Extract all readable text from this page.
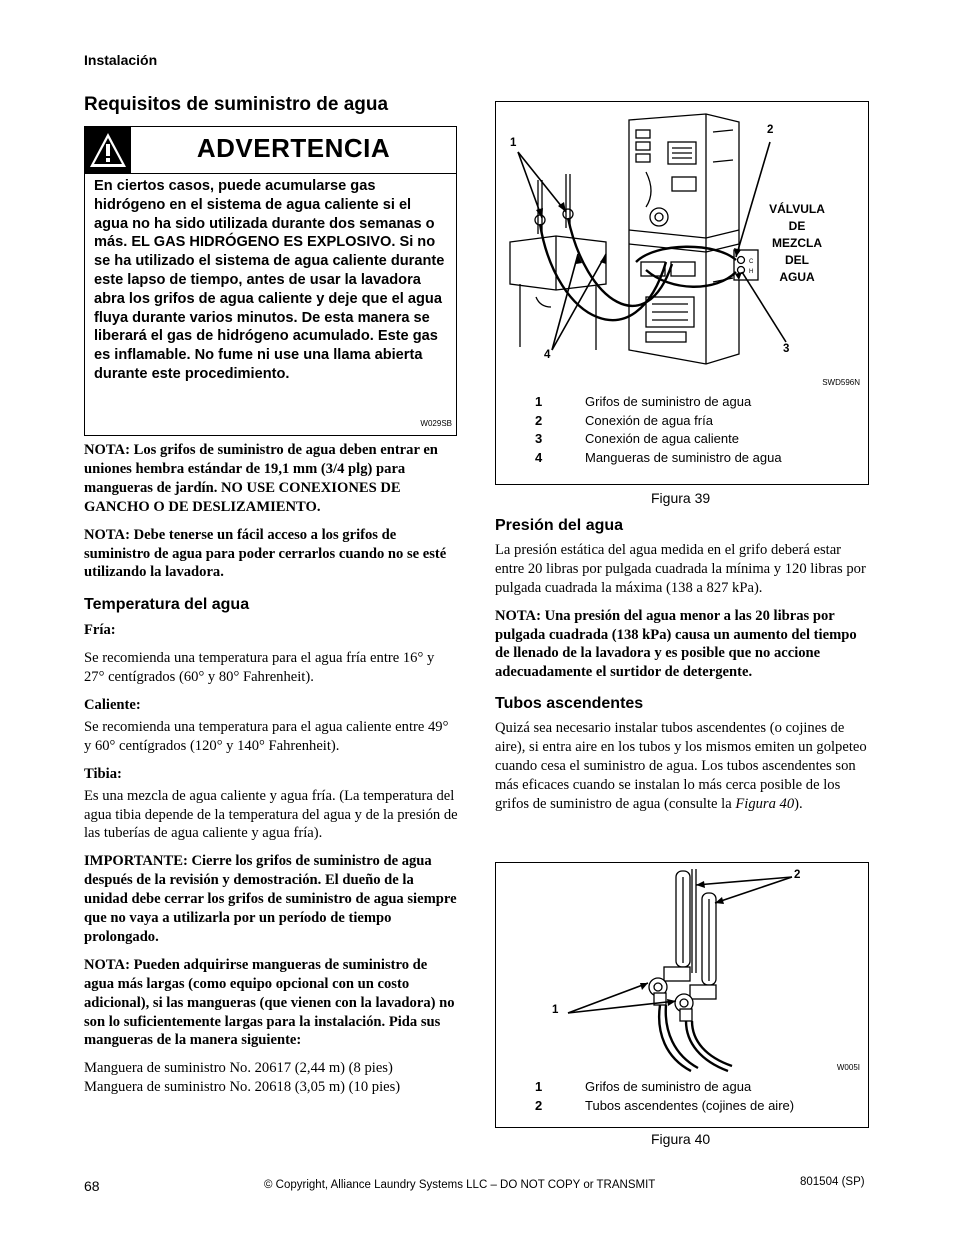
Instalación
Requisitos de suministro de agua
ADVERTENCIA
En ciertos casos, puede acumularse gas hidrógeno en el sistema de agua caliente si el agua no ha sido utilizada durante dos semanas o más. EL GAS HIDRÓGENO ES EXPLOSIVO. Si no se ha utilizado el sistema de agua caliente durante este lapso de tiempo, antes de usar la lavadora abra los grifos de agua caliente y deje que el agua fluya durante varios minutos. De esta manera se liberará el gas de hidrógeno acumulado. Este gas es inflamable. No fume ni use una llama abierta durante este procedimiento.
W029SB

NOTA: Los grifos de suministro de agua deben entrar en uniones hembra estándar de 19,1 mm (3/4 plg) para mangueras de jardín. NO USE CONEXIONES DE GANCHO O DE DESLIZAMIENTO.

NOTA: Debe tenerse un fácil acceso a los grifos de suministro de agua para poder cerrarlos cuando no se esté utilizando la lavadora.

Temperatura del agua

Fría:

Se recomienda una temperatura para el agua fría entre 16° y 27° centígrados (60° y 80° Fahrenheit).

Caliente:

Se recomienda una temperatura para el agua caliente entre 49° y 60° centígrados (120° y 140° Fahrenheit).

Tibia:

Es una mezcla de agua caliente y agua fría. (La temperatura del agua tibia depende de la temperatura del agua y de la presión de las tuberías de agua caliente y agua fría).

IMPORTANTE: Cierre los grifos de suministro de agua después de la revisión y demostración. El dueño de la unidad debe cerrar los grifos de suministro de agua siempre que no vaya a utilizarla por un período de tiempo prolongado.

NOTA: Pueden adquirirse mangueras de suministro de agua más largas (como equipo opcional con un costo adicional), si las mangueras (que vienen con la lavadora) no son lo suficientemente largas para la instalación. Pida sus mangueras de la manera siguiente:

Manguera de suministro No. 20617 (2,44 m) (8 pies)

Manguera de suministro No. 20618 (3,05 m) (10 pies)

C
H
1
2
3
4
VÁLVULA DE
MEZCLA DEL
AGUA
SWD596N
1	Grifos de suministro de agua
2	Conexión de agua fría
3	Conexión de agua caliente
4	Mangueras de suministro de agua
Figura 39

Presión del agua

La presión estática del agua medida en el grifo deberá estar entre 20 libras por pulgada cuadrada la mínima y 120 libras por pulgada cuadrada la máxima (138 a 827 kPa).

NOTA: Una presión del agua menor a las 20 libras por pulgada cuadrada (138 kPa) causa un aumento del tiempo de llenado de la lavadora y es posible que no accione adecuadamente el surtidor de detergente.

Tubos ascendentes

Quizá sea necesario instalar tubos ascendentes (o cojines de aire), si entra aire en los tubos y los mismos emiten un golpeteo cuando cesa el suministro de agua. Los tubos ascendentes son más eficaces cuando se instalan lo más cerca posible de los grifos de suministro de agua (consulte la Figura 40).

2
1
W005I
1	Grifos de suministro de agua
2	Tubos ascendentes (cojines de aire)
Figura 40
68	© Copyright, Alliance Laundry Systems LLC – DO NOT COPY or TRANSMIT	801504 (SP)
